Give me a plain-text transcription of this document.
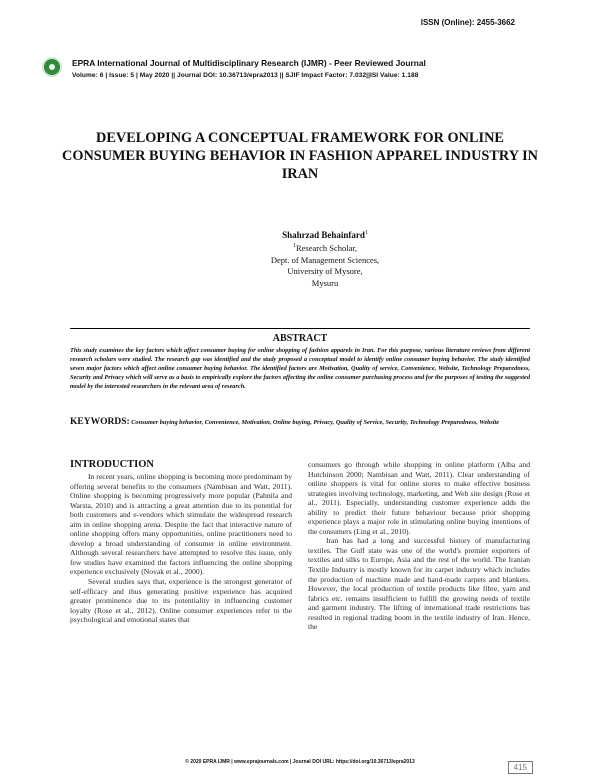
ISSN (Online): 2455-3662
EPRA International Journal of Multidisciplinary Research (IJMR) - Peer Reviewed Journal
Volume: 6 | Issue: 5 | May 2020 || Journal DOI: 10.36713/epra2013 || SJIF Impact Factor: 7.032||ISI Value: 1.188
DEVELOPING A CONCEPTUAL FRAMEWORK FOR ONLINE CONSUMER BUYING BEHAVIOR IN FASHION APPAREL INDUSTRY IN IRAN
Shahrzad Behainfard$^1$
$^1$Research Scholar,
Dept. of Management Sciences,
University of Mysore,
Mysuru
ABSTRACT
This study examines the key factors which affect consumer buying for online shopping of fashion apparels in Iran. For this purpose, various literature reviews from different research scholars were studied. The research gap was identified and the study proposed a conceptual model to identify online consumer buying behavior. The study identified seven major factors which affect online consumer buying behavior. The identified factors are Motivation, Quality of service, Convenience, Website, Technology Preparedness, Security and Privacy which will serve as a basis to empirically explore the factors affecting the online consumer purchasing process and for the purposes of testing the suggested model by the interested researchers in the relevant area of research.
KEYWORDS: Consumer buying behavior, Convenience, Motivation, Online buying, Privacy, Quality of Service, Security, Technology Preparedness, Website
INTRODUCTION

In recent years, online shopping is becoming more predominant by offering several benefits to the consumers (Nambisan and Watt, 2011). Online shopping is becoming progressively more popular (Pahnila and Warsta, 2010) and is attracting a great attention due to its potential for both customers and e-vendors which stimulate the widespread research aim in online shopping arena. Despite the fact that interactive nature of online shopping offers many opportunities, online practitioners need to develop a broad understanding of consumer in online environment. Although several researchers have attempted to resolve this issue, only few studies have examined the factors influencing the online shopping experience exclusively (Novak et al., 2000).

Several studies says that, experience is the strongest generator of self-efficacy and thus generating positive experience has acquired greater prominence due to its potentiality in influencing customer loyalty (Rose et al., 2012). Online consumer experiences refer to the psychological and emotional states that

consumers go through while shopping in online platform (Alba and Hutchinson 2000; Nambisan and Watt, 2011). Clear understanding of online shoppers is vital for online stores to make effective business strategies involving technology, marketing, and Web site design (Rose et al., 2011). Especially, understanding customer experience adds the ability to predict their future behaviour because prior shopping experience plays a major role in stimulating online buying intentions of the consumers (Ling et al., 2010).

Iran has had a long and successful history of manufacturing textiles. The Gulf state was one of the world's premier exporters of textiles and silks to Europe, Asia and the rest of the world. The Iranian Textile Industry is mostly known for its carpet industry which includes the production of machine made and hand-made carpets and blankets. However, the local production of textile products like fibre, yarn and fabrics etc. remains insufficient to fulfill the growing needs of textile and garment industry. The lifting of international trade restrictions has resulted in regional trading boom in the textile industry of Iran. Hence, the

© 2020 EPRA IJMR | www.eprajournals.com | Journal DOI URL: https://doi.org/10.36713/epra2013
415
